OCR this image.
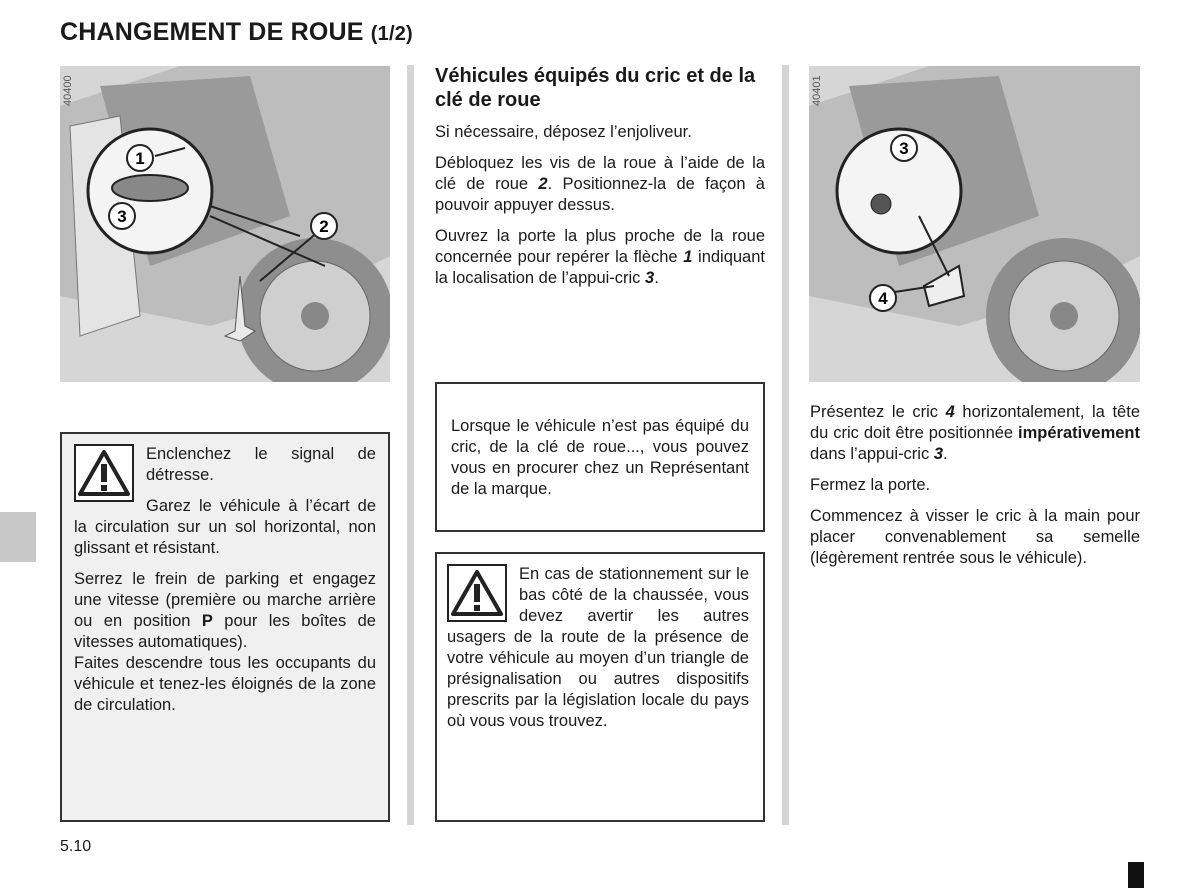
CHANGEMENT DE ROUE (1/2)
1
2
3
40400
3
4
40401

Enclenchez le signal de détresse.

Garez le véhicule à l’écart de la circulation sur un sol horizontal, non glissant et résistant.

Serrez le frein de parking et engagez une vitesse (première ou marche arrière ou en position P pour les boîtes de vitesses automatiques).

Faites descendre tous les occupants du véhicule et tenez-les éloignés de la zone de circulation.

Véhicules équipés du cric et de la clé de roue

Si nécessaire, déposez l’enjoliveur.

Débloquez les vis de la roue à l’aide de la clé de roue 2. Positionnez-la de façon à pouvoir appuyer dessus.

Ouvrez la porte la plus proche de la roue concernée pour repérer la flèche 1 indiquant la localisation de l’appui-cric 3.

Lorsque le véhicule n’est pas équipé du cric, de la clé de roue..., vous pouvez vous en procurer chez un Représentant de la marque.

En cas de stationnement sur le bas côté de la chaussée, vous devez avertir les autres usagers de la route de la présence de votre véhicule au moyen d’un triangle de présignalisation ou autres dispositifs prescrits par la législation locale du pays où vous vous trouvez.

Présentez le cric 4 horizontalement, la tête du cric doit être positionnée impérativement dans l’appui-cric 3.

Fermez la porte.

Commencez à visser le cric à la main pour placer convenablement sa semelle (légèrement rentrée sous le véhicule).

5.10
